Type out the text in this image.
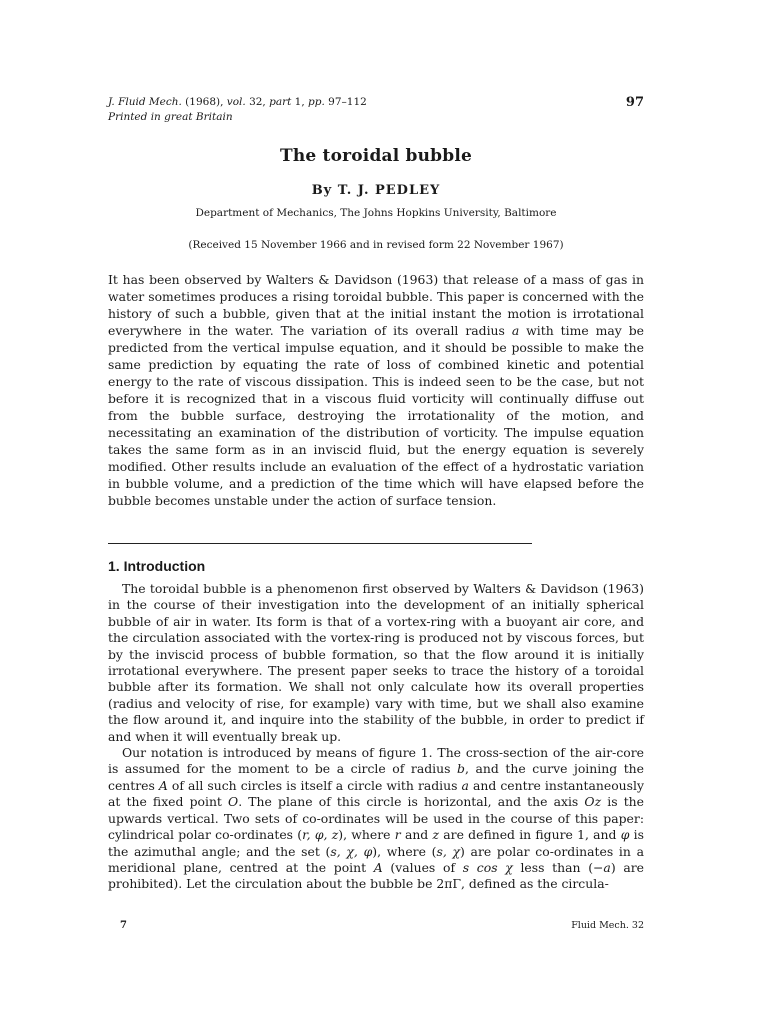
J. Fluid Mech. (1968), vol. 32, part 1, pp. 97–112
Printed in great Britain
97
The toroidal bubble
By T. J. PEDLEY
Department of Mechanics, The Johns Hopkins University, Baltimore
(Received 15 November 1966 and in revised form 22 November 1967)
It has been observed by Walters & Davidson (1963) that release of a mass of gas in water sometimes produces a rising toroidal bubble. This paper is concerned with the history of such a bubble, given that at the initial instant the motion is irrotational everywhere in the water. The variation of its overall radius a with time may be predicted from the vertical impulse equation, and it should be possible to make the same prediction by equating the rate of loss of combined kinetic and potential energy to the rate of viscous dissipation. This is indeed seen to be the case, but not before it is recognized that in a viscous fluid vorticity will continually diffuse out from the bubble surface, destroying the irrotationality of the motion, and necessitating an examination of the distribution of vorticity. The impulse equation takes the same form as in an inviscid fluid, but the energy equation is severely modified. Other results include an evaluation of the effect of a hydrostatic variation in bubble volume, and a prediction of the time which will have elapsed before the bubble becomes unstable under the action of surface tension.
1. Introduction

The toroidal bubble is a phenomenon first observed by Walters & Davidson (1963) in the course of their investigation into the development of an initially spherical bubble of air in water. Its form is that of a vortex-ring with a buoyant air core, and the circulation associated with the vortex-ring is produced not by viscous forces, but by the inviscid process of bubble formation, so that the flow around it is initially irrotational everywhere. The present paper seeks to trace the history of a toroidal bubble after its formation. We shall not only calculate how its overall properties (radius and velocity of rise, for example) vary with time, but we shall also examine the flow around it, and inquire into the stability of the bubble, in order to predict if and when it will eventually break up.

Our notation is introduced by means of figure 1. The cross-section of the air-core is assumed for the moment to be a circle of radius b, and the curve joining the centres A of all such circles is itself a circle with radius a and centre instantaneously at the fixed point O. The plane of this circle is horizontal, and the axis Oz is the upwards vertical. Two sets of co-ordinates will be used in the course of this paper: cylindrical polar co-ordinates (r, φ, z), where r and z are defined in figure 1, and φ is the azimuthal angle; and the set (s, χ, φ), where (s, χ) are polar co-ordinates in a meridional plane, centred at the point A (values of s cos χ less than (−a) are prohibited). Let the circulation about the bubble be 2πΓ, defined as the circula-

7	Fluid Mech. 32
